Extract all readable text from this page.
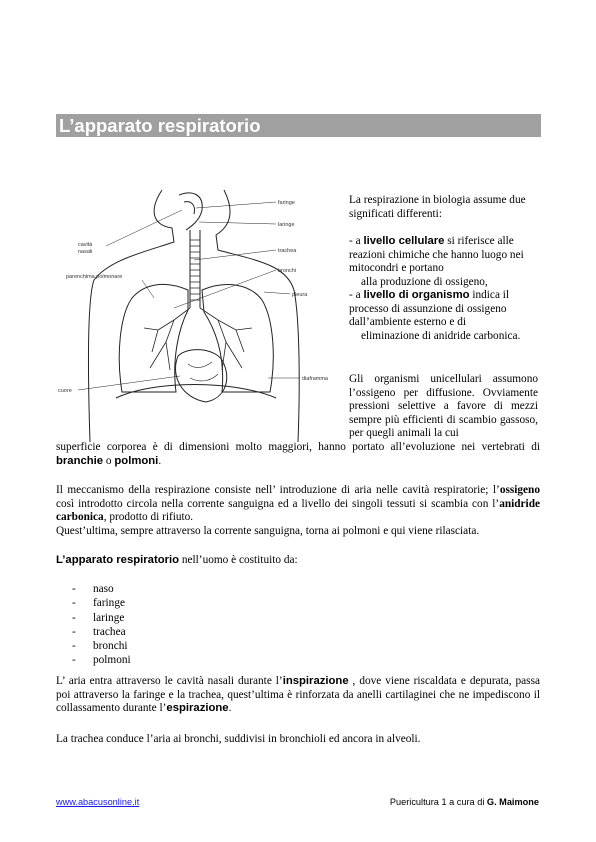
L’apparato respiratorio
faringe
laringe
cavità
nasali	trachea
bronchi
parenchima polmonare
pleura
diaframma
cuore

La respirazione in biologia assume due significati differenti:

- a livello cellulare si riferisce alle reazioni chimiche che hanno luogo nei mitocondri e portano

alla produzione di ossigeno,

- a livello di organismo indica il processo di assunzione di ossigeno dall’ambiente esterno e di

eliminazione di anidride carbonica.

Gli organismi unicellulari assumono l’ossigeno per diffusione. Ovviamente pressioni selettive a favore di mezzi sempre più efficienti di scambio gassoso, per quegli animali la cui

superficie corporea è di dimensioni molto maggiori, hanno portato all’evoluzione nei vertebrati di branchie o polmoni.

Il meccanismo della respirazione consiste nell’ introduzione di aria nelle cavità respiratorie; l’ossigeno così introdotto circola nella corrente sanguigna ed a livello dei singoli tessuti si scambia con l’anidride carbonica, prodotto di rifiuto.

Quest’ultima, sempre attraverso la corrente sanguigna, torna ai polmoni e qui viene rilasciata.

L’apparato respiratorio nell’uomo è costituito da:

-	naso
-	faringe
-	laringe
-	trachea
-	bronchi
-	polmoni

L’ aria entra attraverso le cavità nasali durante l’inspirazione , dove viene riscaldata e depurata, passa poi attraverso la faringe e la trachea, quest’ultima è rinforzata da anelli cartilaginei che ne impediscono il collassamento durante l’espirazione.

La trachea conduce l’aria ai bronchi, suddivisi in bronchioli ed ancora in alveoli.

www.abacusonline.it	Puericultura 1 a cura di G. Maimone
